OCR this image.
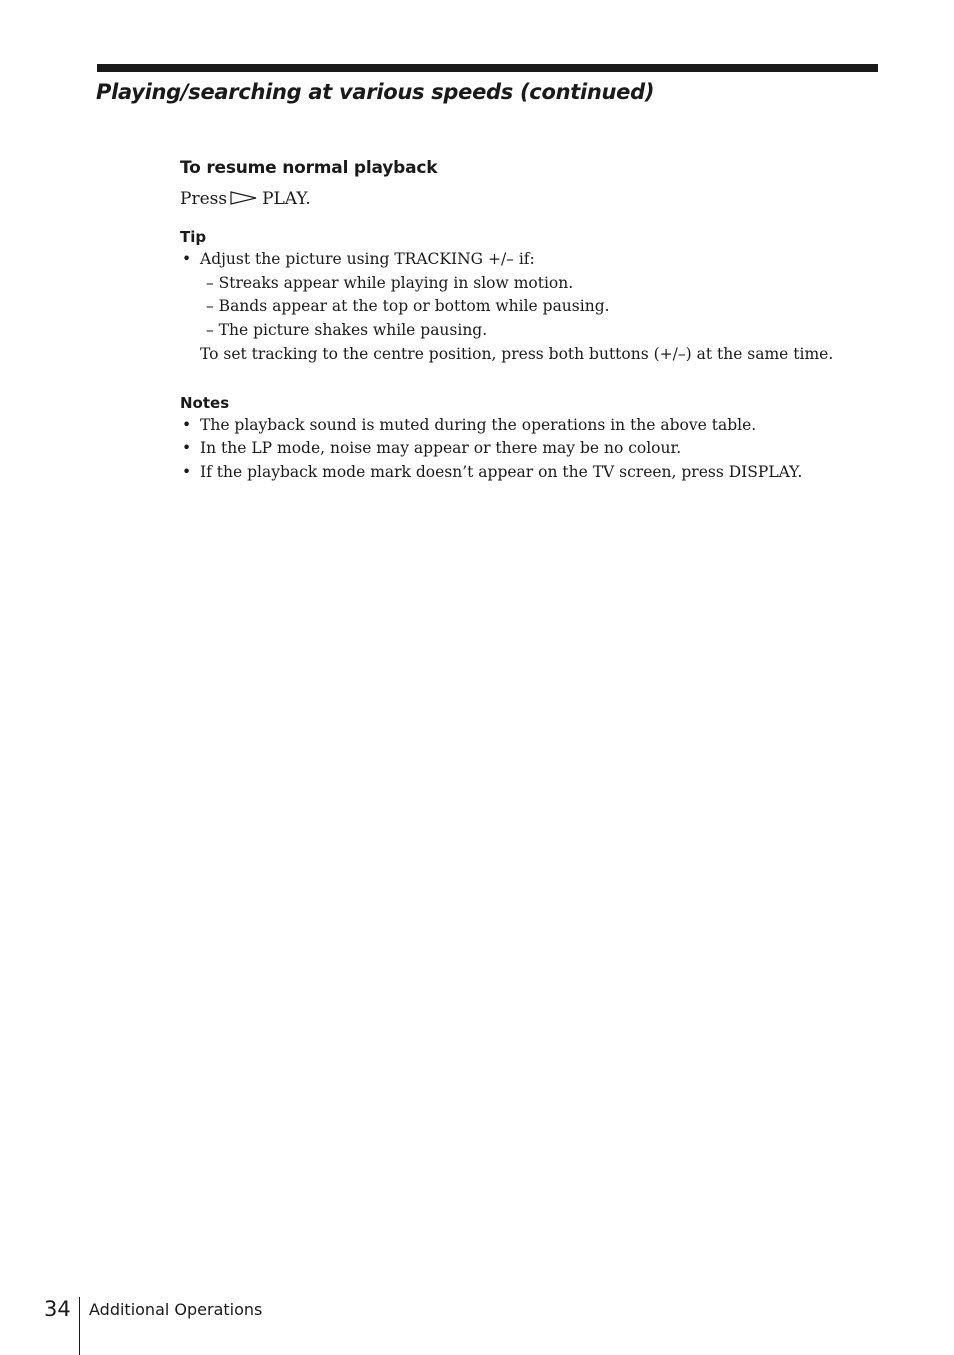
Playing/searching at various speeds (continued)
To resume normal playback

Press PLAY.

Tip
• Adjust the picture using TRACKING +/– if:
– Streaks appear while playing in slow motion.
– Bands appear at the top or bottom while pausing.
– The picture shakes while pausing.
To set tracking to the centre position, press both buttons (+/–) at the same time.
Notes
• The playback sound is muted during the operations in the above table.
• In the LP mode, noise may appear or there may be no colour.
• If the playback mode mark doesn’t appear on the TV screen, press DISPLAY.
34 Additional Operations
